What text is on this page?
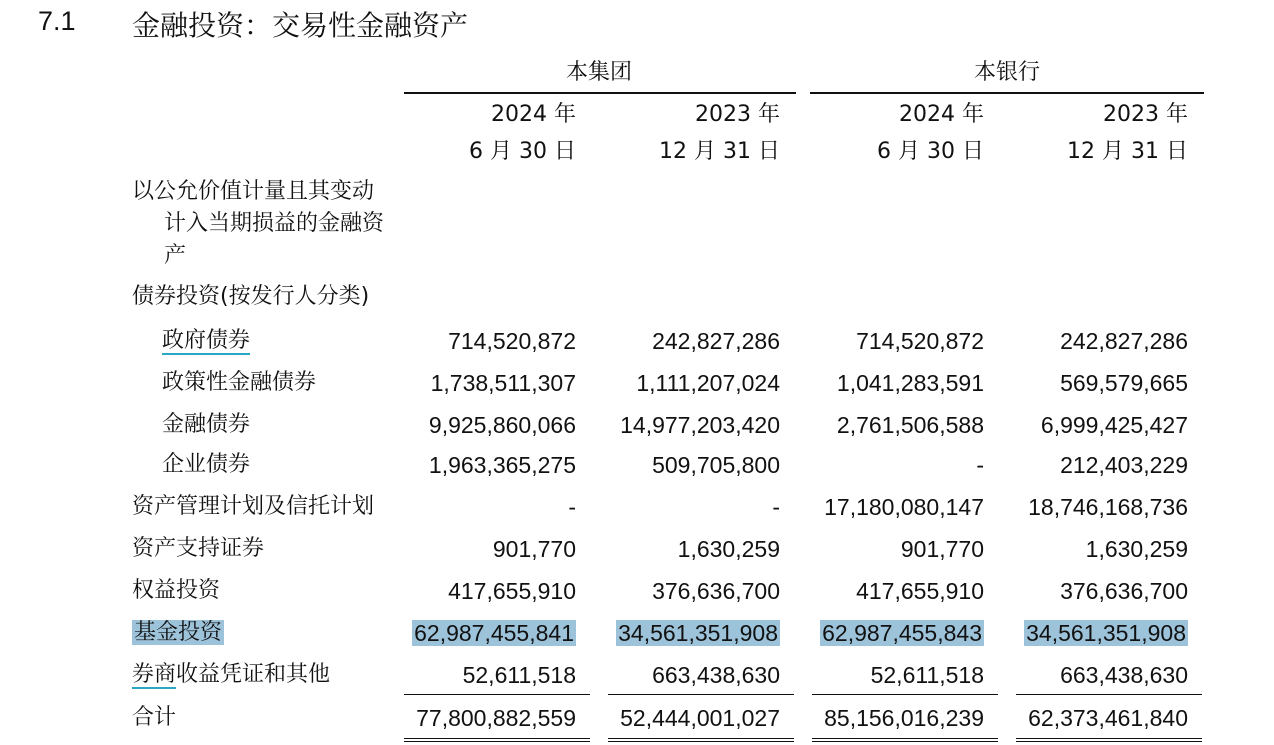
7.1 金融投资：交易性金融资产
本集团	本银行
2024 年	2023 年	2024 年	2023 年
6 月 30 日	12 月 31 日	6 月 30 日	12 月 31 日
以公允价值计量且其变动
计入当期损益的金融资
产
债券投资(按发行人分类)
政府债券	714,520,872	242,827,286	714,520,872	242,827,286
政策性金融债券	1,738,511,307	1,111,207,024	1,041,283,591	569,579,665
金融债券	9,925,860,066	14,977,203,420	2,761,506,588	6,999,425,427
企业债券	1,963,365,275	509,705,800	-	212,403,229
资产管理计划及信托计划	-	-	17,180,080,147	18,746,168,736
资产支持证券	901,770	1,630,259	901,770	1,630,259
权益投资	417,655,910	376,636,700	417,655,910	376,636,700
基金投资	62,987,455,841	34,561,351,908	62,987,455,843	34,561,351,908
券商收益凭证和其他	52,611,518	663,438,630	52,611,518	663,438,630
合计	77,800,882,559	52,444,001,027	85,156,016,239	62,373,461,840
